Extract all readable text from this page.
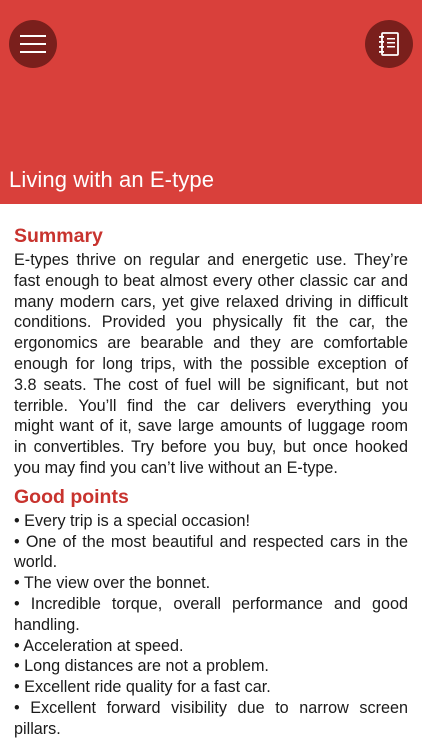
Living with an E-type
Summary

E-types thrive on regular and energetic use. They’re fast enough to beat almost every other classic car and many modern cars, yet give relaxed driving in difficult conditions. Provided you physically fit the car, the ergonomics are bearable and they are comfortable enough for long trips, with the possible exception of 3.8 seats. The cost of fuel will be significant, but not terrible. You’ll find the car delivers everything you might want of it, save large amounts of luggage room in convertibles. Try before you buy, but once hooked you may find you can’t live without an E-type.

Good points
• Every trip is a special occasion!
• One of the most beautiful and respected cars in the world.
• The view over the bonnet.
• Incredible torque, overall performance and good handling.
• Acceleration at speed.
• Long distances are not a problem.
• Excellent ride quality for a fast car.
• Excellent forward visibility due to narrow screen pillars.
